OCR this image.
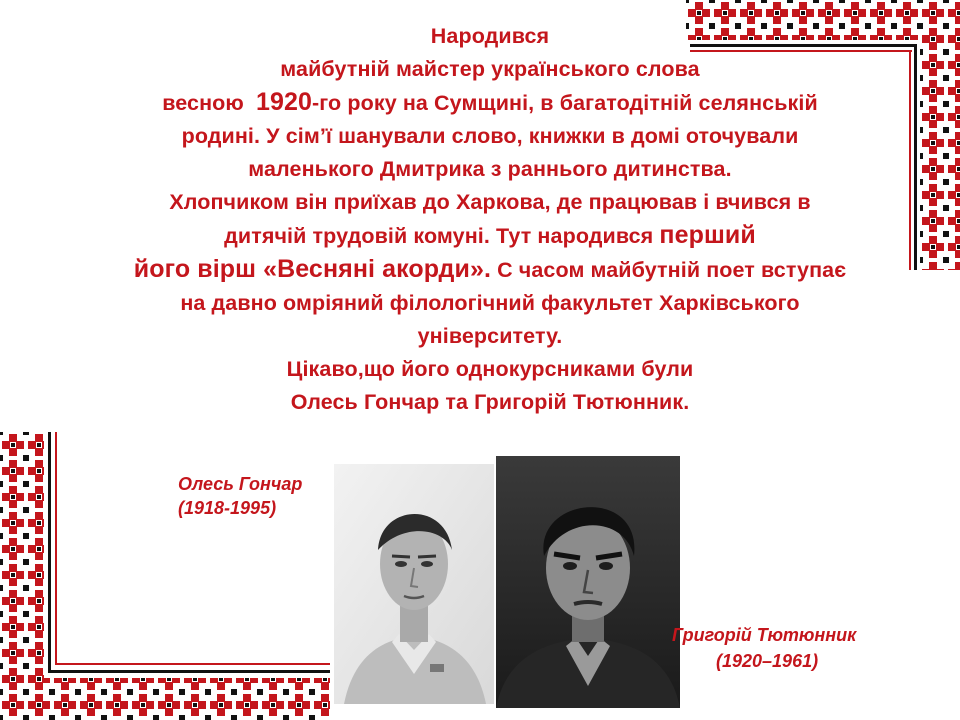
Народився
майбутній майстер українського слова
весною 1920-го року на Сумщині, в багатодітній селянській
родині. У сім’ї шанували слово, книжки в домі оточували
маленького Дмитрика з раннього дитинства.
Хлопчиком він приїхав до Харкова, де працював і вчився в
дитячій трудовій комуні. Тут народився перший
його вірш «Весняні акорди». С часом майбутній поет вступає
на давно омріяний філологічний факультет Харківського
університету.
Цікаво,що його однокурсниками були
Олесь Гончар та Григорій Тютюнник.
Олесь Гончар
(1918-1995)
Григорій Тютюнник
(1920–1961)
